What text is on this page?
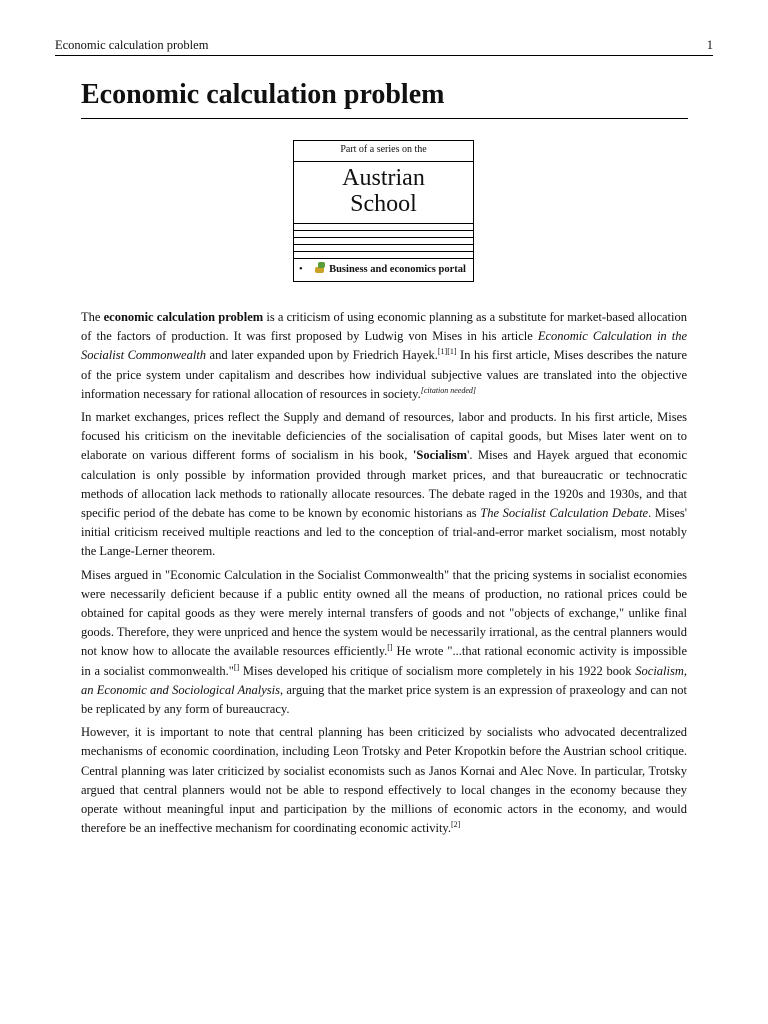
Economic calculation problem	1
Economic calculation problem
Part of a series on the
Austrian
School
•	Business and economics portal

The economic calculation problem is a criticism of using economic planning as a substitute for market-based allocation of the factors of production. It was first proposed by Ludwig von Mises in his article Economic Calculation in the Socialist Commonwealth and later expanded upon by Friedrich Hayek.[1][1] In his first article, Mises describes the nature of the price system under capitalism and describes how individual subjective values are translated into the objective information necessary for rational allocation of resources in society.[citation needed]

In market exchanges, prices reflect the Supply and demand of resources, labor and products. In his first article, Mises focused his criticism on the inevitable deficiencies of the socialisation of capital goods, but Mises later went on to elaborate on various different forms of socialism in his book, 'Socialism'. Mises and Hayek argued that economic calculation is only possible by information provided through market prices, and that bureaucratic or technocratic methods of allocation lack methods to rationally allocate resources. The debate raged in the 1920s and 1930s, and that specific period of the debate has come to be known by economic historians as The Socialist Calculation Debate. Mises' initial criticism received multiple reactions and led to the conception of trial-and-error market socialism, most notably the Lange-Lerner theorem.

Mises argued in "Economic Calculation in the Socialist Commonwealth" that the pricing systems in socialist economies were necessarily deficient because if a public entity owned all the means of production, no rational prices could be obtained for capital goods as they were merely internal transfers of goods and not "objects of exchange," unlike final goods. Therefore, they were unpriced and hence the system would be necessarily irrational, as the central planners would not know how to allocate the available resources efficiently.[] He wrote "...that rational economic activity is impossible in a socialist commonwealth."[] Mises developed his critique of socialism more completely in his 1922 book Socialism, an Economic and Sociological Analysis, arguing that the market price system is an expression of praxeology and can not be replicated by any form of bureaucracy.

However, it is important to note that central planning has been criticized by socialists who advocated decentralized mechanisms of economic coordination, including Leon Trotsky and Peter Kropotkin before the Austrian school critique. Central planning was later criticized by socialist economists such as Janos Kornai and Alec Nove. In particular, Trotsky argued that central planners would not be able to respond effectively to local changes in the economy because they operate without meaningful input and participation by the millions of economic actors in the economy, and would therefore be an ineffective mechanism for coordinating economic activity.[2]
